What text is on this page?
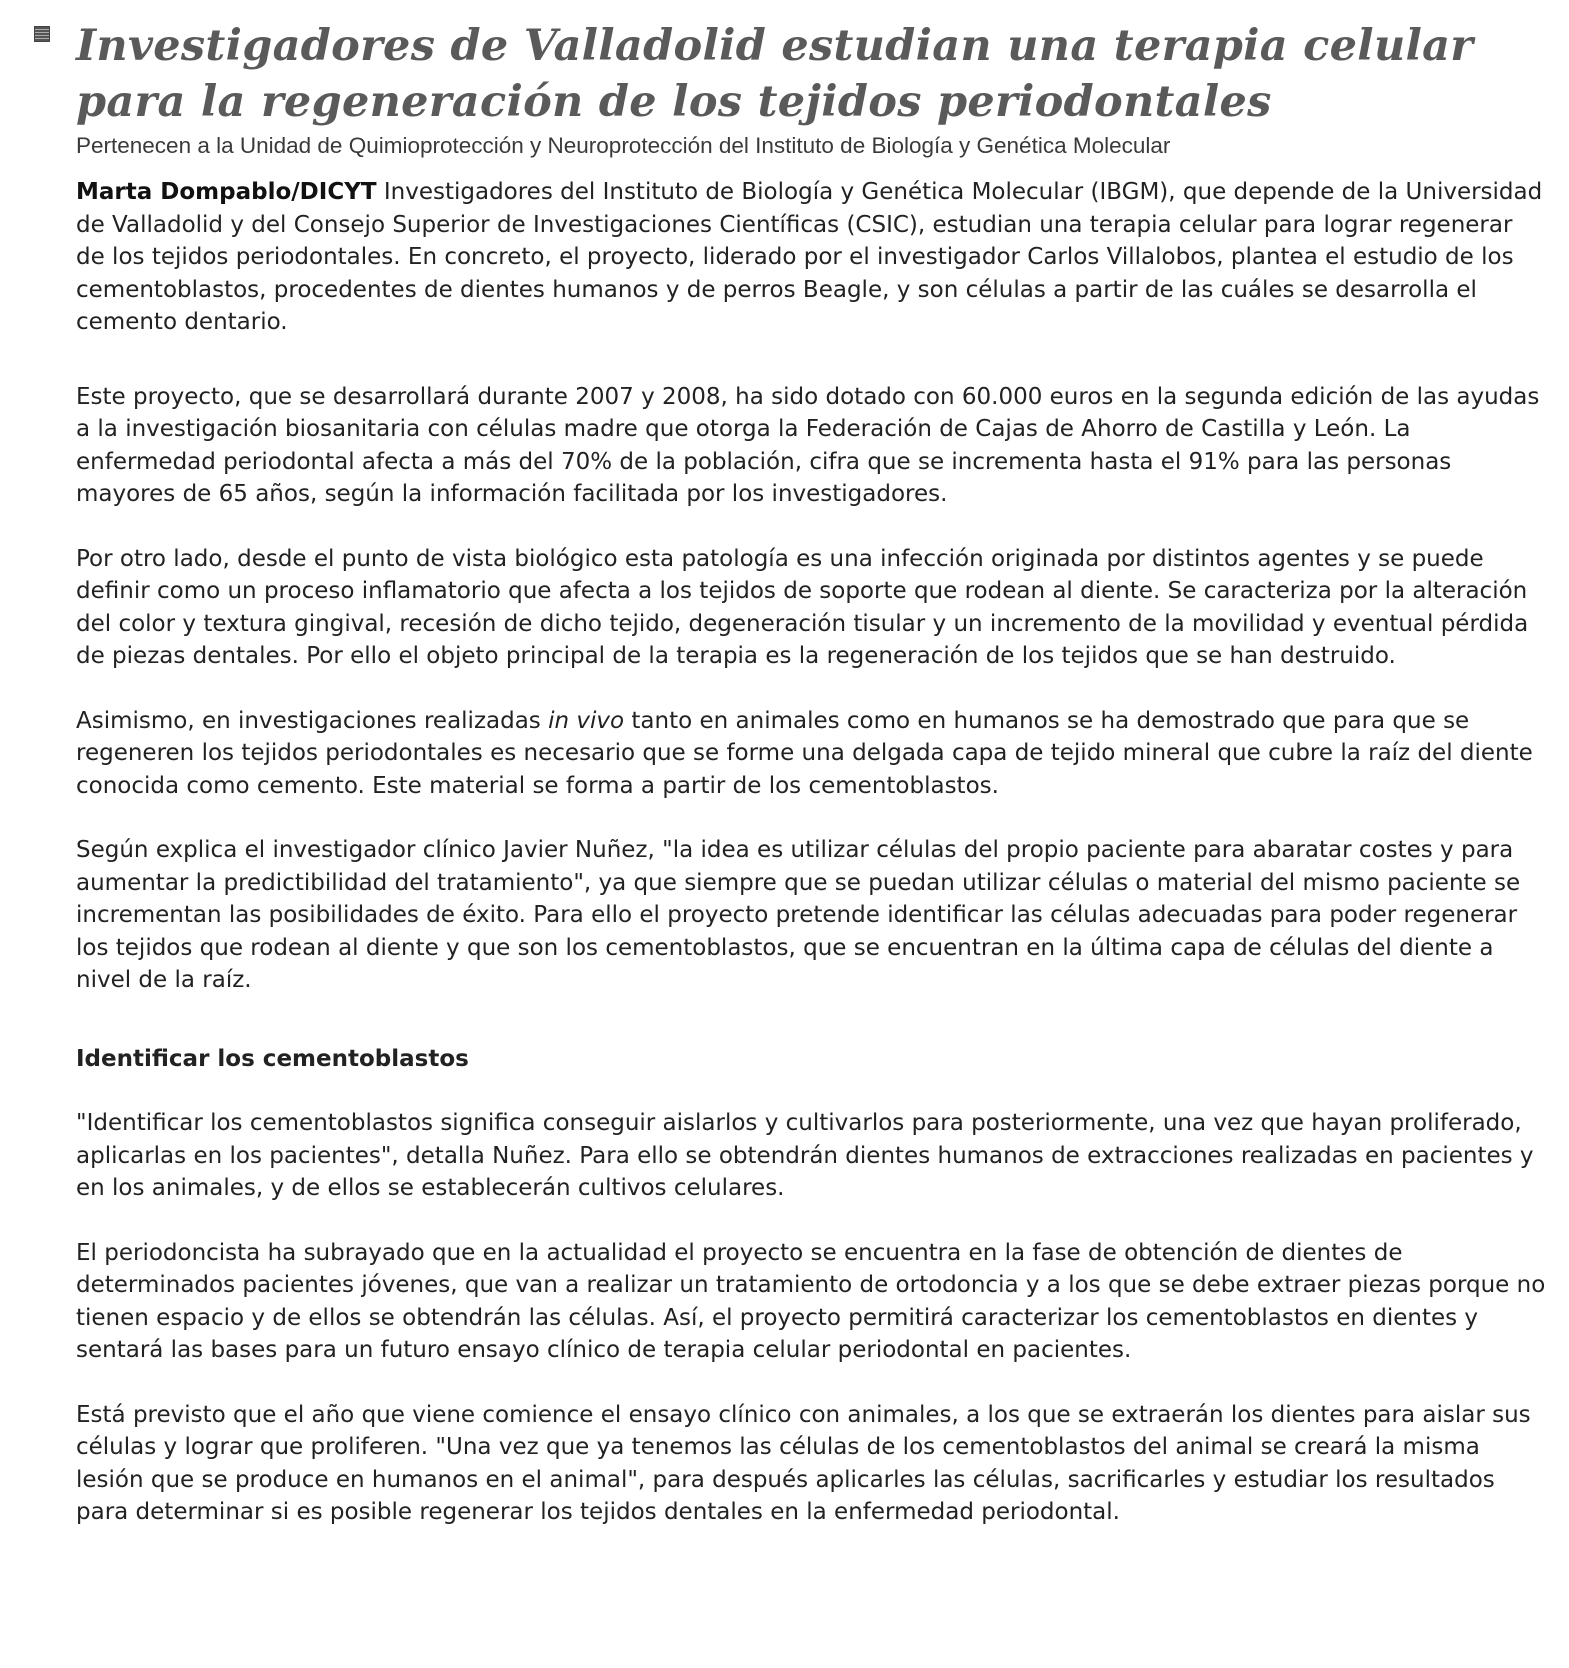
Investigadores de Valladolid estudian una terapia celular para la regeneración de los tejidos periodontales
Pertenecen a la Unidad de Quimioprotección y Neuroprotección del Instituto de Biología y Genética Molecular

Marta Dompablo/DICYT Investigadores del Instituto de Biología y Genética Molecular (IBGM), que depende de la Universidad de Valladolid y del Consejo Superior de Investigaciones Científicas (CSIC), estudian una terapia celular para lograr regenerar de los tejidos periodontales. En concreto, el proyecto, liderado por el investigador Carlos Villalobos, plantea el estudio de los cementoblastos, procedentes de dientes humanos y de perros Beagle, y son células a partir de las cuáles se desarrolla el cemento dentario.

Este proyecto, que se desarrollará durante 2007 y 2008, ha sido dotado con 60.000 euros en la segunda edición de las ayudas a la investigación biosanitaria con células madre que otorga la Federación de Cajas de Ahorro de Castilla y León. La enfermedad periodontal afecta a más del 70% de la población, cifra que se incrementa hasta el 91% para las personas mayores de 65 años, según la información facilitada por los investigadores.

Por otro lado, desde el punto de vista biológico esta patología es una infección originada por distintos agentes y se puede definir como un proceso inflamatorio que afecta a los tejidos de soporte que rodean al diente. Se caracteriza por la alteración del color y textura gingival, recesión de dicho tejido, degeneración tisular y un incremento de la movilidad y eventual pérdida de piezas dentales. Por ello el objeto principal de la terapia es la regeneración de los tejidos que se han destruido.

Asimismo, en investigaciones realizadas in vivo tanto en animales como en humanos se ha demostrado que para que se regeneren los tejidos periodontales es necesario que se forme una delgada capa de tejido mineral que cubre la raíz del diente conocida como cemento. Este material se forma a partir de los cementoblastos.

Según explica el investigador clínico Javier Nuñez, "la idea es utilizar células del propio paciente para abaratar costes y para aumentar la predictibilidad del tratamiento", ya que siempre que se puedan utilizar células o material del mismo paciente se incrementan las posibilidades de éxito. Para ello el proyecto pretende identificar las células adecuadas para poder regenerar los tejidos que rodean al diente y que son los cementoblastos, que se encuentran en la última capa de células del diente a nivel de la raíz.

Identificar los cementoblastos

"Identificar los cementoblastos significa conseguir aislarlos y cultivarlos para posteriormente, una vez que hayan proliferado, aplicarlas en los pacientes", detalla Nuñez. Para ello se obtendrán dientes humanos de extracciones realizadas en pacientes y en los animales, y de ellos se establecerán cultivos celulares.

El periodoncista ha subrayado que en la actualidad el proyecto se encuentra en la fase de obtención de dientes de determinados pacientes jóvenes, que van a realizar un tratamiento de ortodoncia y a los que se debe extraer piezas porque no tienen espacio y de ellos se obtendrán las células. Así, el proyecto permitirá caracterizar los cementoblastos en dientes y sentará las bases para un futuro ensayo clínico de terapia celular periodontal en pacientes.

Está previsto que el año que viene comience el ensayo clínico con animales, a los que se extraerán los dientes para aislar sus células y lograr que proliferen. "Una vez que ya tenemos las células de los cementoblastos del animal se creará la misma lesión que se produce en humanos en el animal", para después aplicarles las células, sacrificarles y estudiar los resultados para determinar si es posible regenerar los tejidos dentales en la enfermedad periodontal.
